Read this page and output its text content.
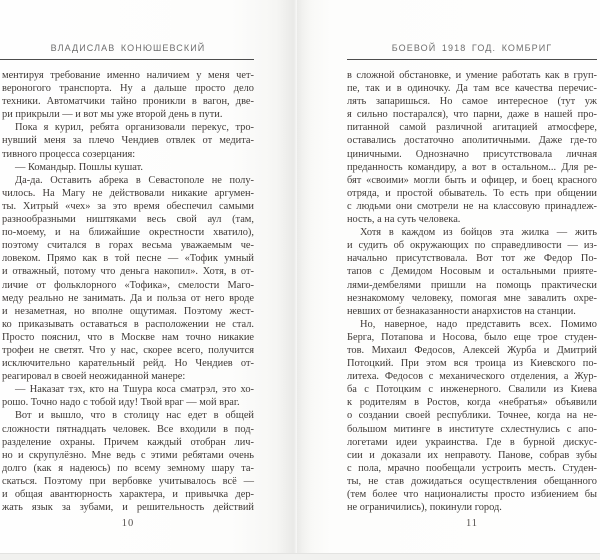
ВЛАДИСЛАВ КОНЮШЕВСКИЙ
ментируя требование именно наличием у меня чет-
вероногого транспорта. Ну а дальше просто дело
техники. Автоматчики тайно проникли в вагон, две-
ри прикрыли — и вот мы уже второй день в пути.
Пока я курил, ребята организовали перекус, тро-
нувший меня за плечо Чендиев отвлек от медита-
тивного процесса созерцания:
— Командыр. Пошлы кушат.
Да-да. Оставить абрека в Севастополе не полу-
чилось. На Магу не действовали никакие аргумен-
ты. Хитрый «чех» за это время обеспечил самыми
разнообразными ништяками весь свой аул (там,
по-моему, и на ближайшие окрестности хватило),
поэтому считался в горах весьма уважаемым че-
ловеком. Прямо как в той песне — «Тофик умный
и отважный, потому что деньга накопил». Хотя, в от-
личие от фольклорного «Тофика», смелости Маго-
меду реально не занимать. Да и польза от него вроде
и незаметная, но вполне ощутимая. Поэтому жест-
ко приказывать оставаться в расположении не стал.
Просто пояснил, что в Москве нам точно никакие
трофеи не светят. Что у нас, скорее всего, получится
исключительно карательный рейд. Но Чендиев от-
реагировал в своей неожиданной манере:
— Наказат тэх, кто на Тшура коса сматрэл, это хо-
рошо. Точно надо с тобой иду! Твой враг — мой враг.
Вот и вышло, что в столицу нас едет в общей
сложности пятнадцать человек. Все входили в под-
разделение охраны. Причем каждый отобран лич-
но и скрупулёзно. Мне ведь с этими ребятами очень
долго (как я надеюсь) по всему земному шару та-
скаться. Поэтому при вербовке учитывалось всё —
и общая авантюрность характера, и привычка дер-
жать язык за зубами, и решительность действий
10
БОЕВОЙ 1918 ГОД. КОМБРИГ
в сложной обстановке, и умение работать как в груп-
пе, так и в одиночку. Да там все качества перечис-
лять запаришься. Но самое интересное (тут уж
я сильно постарался), что парни, даже в нашей про-
питанной самой различной агитацией атмосфере,
оставались достаточно аполитичными. Даже где-то
циничными. Однозначно присутствовала личная
преданность командиру, а вот в остальном... Для ре-
бят «своими» могли быть и офицер, и боец красного
отряда, и простой обыватель. То есть при общении
с людьми они смотрели не на классовую принадлеж-
ность, а на суть человека.
Хотя в каждом из бойцов эта жилка — жить
и судить об окружающих по справедливости — из-
начально присутствовала. Вот тот же Федор По-
тапов с Демидом Носовым и остальными прияте-
лями-дембелями пришли на помощь практически
незнакомому человеку, помогая мне завалить охре-
невших от безнаказанности анархистов на станции.
Но, наверное, надо представить всех. Помимо
Берга, Потапова и Носова, было еще трое студен-
тов. Михаил Федосов, Алексей Журба и Дмитрий
Потоцкий. При этом вся троица из Киевского по-
литеха. Федосов с механического отделения, а Жур-
ба с Потоцким с инженерного. Свалили из Киева
к родителям в Ростов, когда «небратья» объявили
о создании своей республики. Точнее, когда на не-
большом митинге в институте схлестнулись с апо-
логетами идеи украинства. Где в бурной дискус-
сии и доказали их неправоту. Панове, собрав зубы
с пола, мрачно пообещали устроить месть. Студен-
ты, не став дожидаться осуществления обещанного
(тем более что националисты просто избиением бы
не ограничились), покинули город.
11
